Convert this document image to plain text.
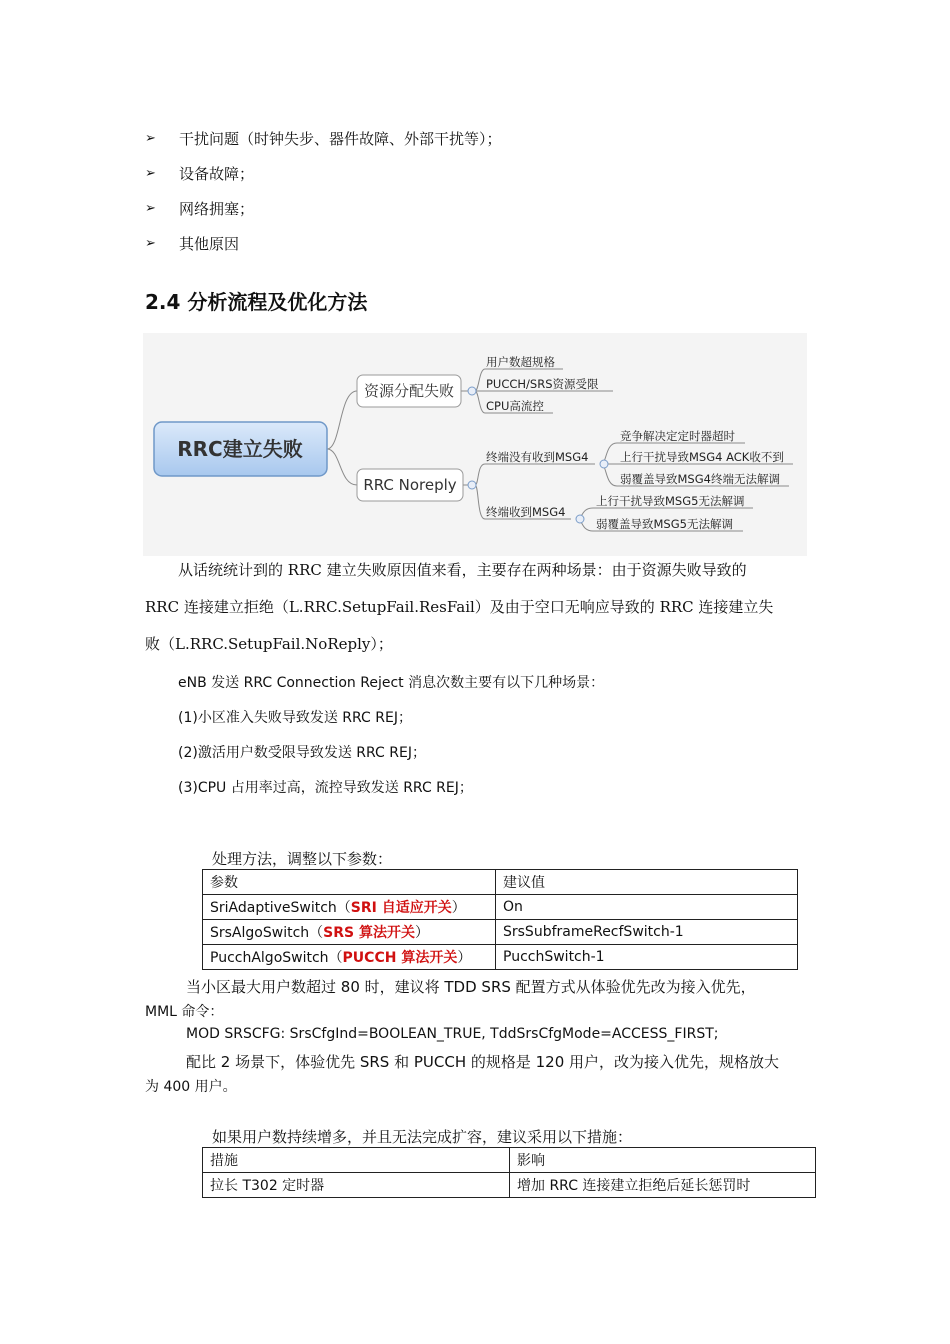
➢	干扰问题（时钟失步、器件故障、外部干扰等）；
➢	设备故障；
➢	网络拥塞；
➢	其他原因
2.4 分析流程及优化方法
RRC建立失败
资源分配失败
RRC Noreply
用户数超规格
PUCCH/SRS资源受限
CPU高流控
终端没有收到MSG4
终端收到MSG4
竞争解决定定时器超时
上行干扰导致MSG4 ACK收不到
弱覆盖导致MSG4终端无法解调
上行干扰导致MSG5无法解调
弱覆盖导致MSG5无法解调
从话统统计到的 RRC 建立失败原因值来看，主要存在两种场景：由于资源失败导致的
RRC 连接建立拒绝（L.RRC.SetupFail.ResFail）及由于空口无响应导致的 RRC 连接建立失
败（L.RRC.SetupFail.NoReply）；
eNB 发送 RRC Connection Reject 消息次数主要有以下几种场景：
(1)小区准入失败导致发送 RRC REJ；
(2)激活用户数受限导致发送 RRC REJ；
(3)CPU 占用率过高，流控导致发送 RRC REJ；
处理方法，调整以下参数：
参数	建议值
SriAdaptiveSwitch（SRI 自适应开关）	On
SrsAlgoSwitch（SRS 算法开关）	SrsSubframeRecfSwitch-1
PucchAlgoSwitch（PUCCH 算法开关）	PucchSwitch-1
当小区最大用户数超过 80 时，建议将 TDD SRS 配置方式从体验优先改为接入优先，
MML 命令：
MOD SRSCFG: SrsCfgInd=BOOLEAN_TRUE, TddSrsCfgMode=ACCESS_FIRST;
配比 2 场景下，体验优先 SRS 和 PUCCH 的规格是 120 用户，改为接入优先，规格放大
为 400 用户。
如果用户数持续增多，并且无法完成扩容，建议采用以下措施：
措施	影响
拉长 T302 定时器	增加 RRC 连接建立拒绝后延长惩罚时
